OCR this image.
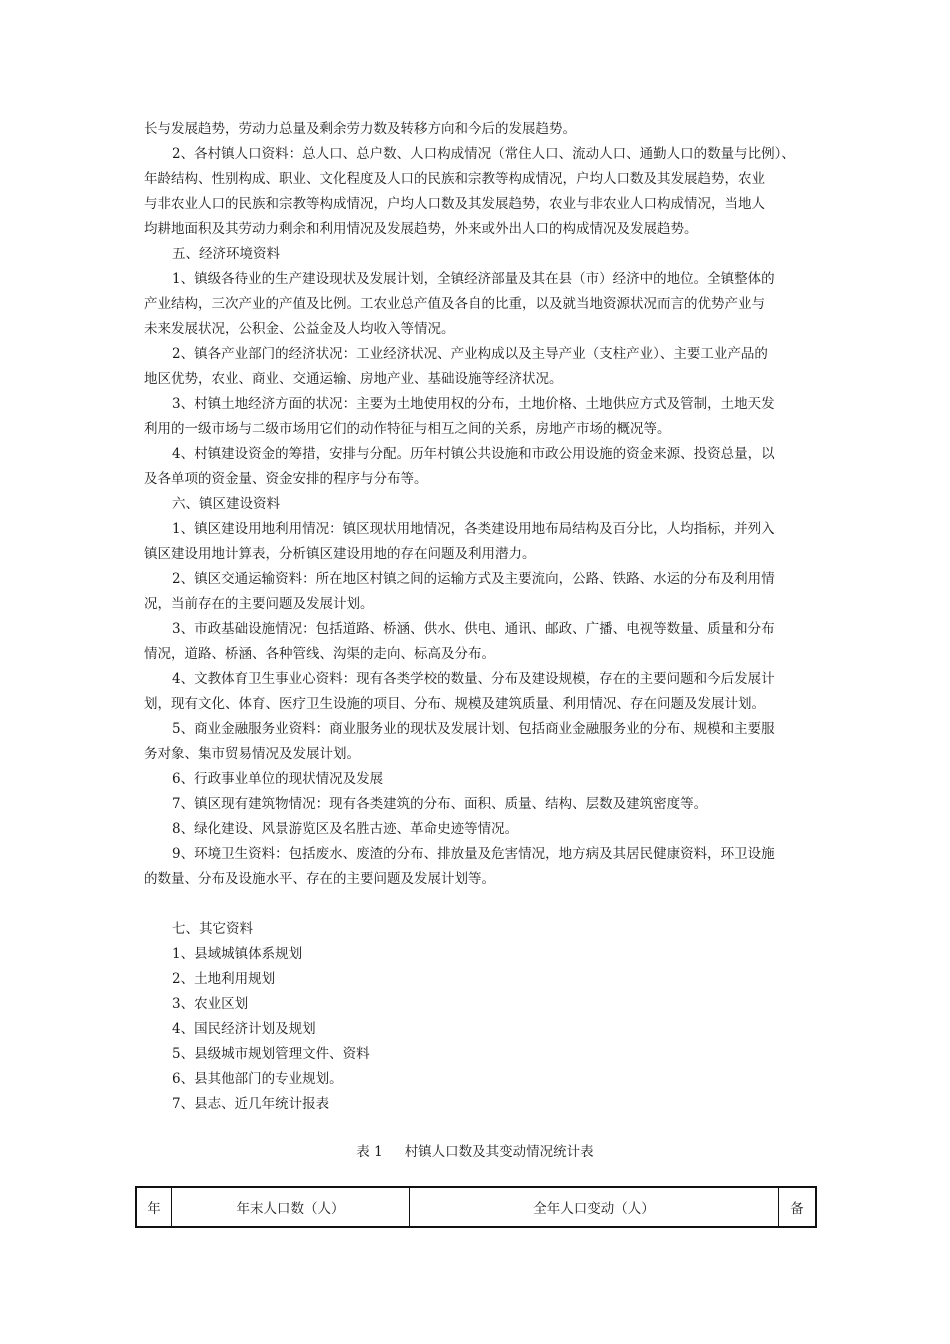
长与发展趋势，劳动力总量及剩余劳力数及转移方向和今后的发展趋势。
2、各村镇人口资料：总人口、总户数、人口构成情况（常住人口、流动人口、通勤人口的数量与比例）、
年龄结构、性别构成、职业、文化程度及人口的民族和宗教等构成情况，户均人口数及其发展趋势，农业
与非农业人口的民族和宗教等构成情况，户均人口数及其发展趋势，农业与非农业人口构成情况，当地人
均耕地面积及其劳动力剩余和利用情况及发展趋势，外来或外出人口的构成情况及发展趋势。
五、经济环境资料
1、镇级各待业的生产建设现状及发展计划，全镇经济部量及其在县（市）经济中的地位。全镇整体的
产业结构，三次产业的产值及比例。工农业总产值及各自的比重，以及就当地资源状况而言的优势产业与
未来发展状况，公积金、公益金及人均收入等情况。
2、镇各产业部门的经济状况：工业经济状况、产业构成以及主导产业（支柱产业）、主要工业产品的
地区优势，农业、商业、交通运输、房地产业、基础设施等经济状况。
3、村镇土地经济方面的状况：主要为土地使用权的分布，土地价格、土地供应方式及管制，土地天发
利用的一级市场与二级市场用它们的动作特征与相互之间的关系，房地产市场的概况等。
4、村镇建设资金的筹措，安排与分配。历年村镇公共设施和市政公用设施的资金来源、投资总量，以
及各单项的资金量、资金安排的程序与分布等。
六、镇区建设资料
1、镇区建设用地利用情况：镇区现状用地情况，各类建设用地布局结构及百分比，人均指标，并列入
镇区建设用地计算表，分析镇区建设用地的存在问题及利用潜力。
2、镇区交通运输资料：所在地区村镇之间的运输方式及主要流向，公路、铁路、水运的分布及利用情
况，当前存在的主要问题及发展计划。
3、市政基础设施情况：包括道路、桥涵、供水、供电、通讯、邮政、广播、电视等数量、质量和分布
情况，道路、桥涵、各种管线、沟渠的走向、标高及分布。
4、文教体育卫生事业心资料：现有各类学校的数量、分布及建设规模，存在的主要问题和今后发展计
划，现有文化、体育、医疗卫生设施的项目、分布、规模及建筑质量、利用情况、存在问题及发展计划。
5、商业金融服务业资料：商业服务业的现状及发展计划、包括商业金融服务业的分布、规模和主要服
务对象、集市贸易情况及发展计划。
6、行政事业单位的现状情况及发展
7、镇区现有建筑物情况：现有各类建筑的分布、面积、质量、结构、层数及建筑密度等。
8、绿化建设、风景游览区及名胜古迹、革命史迹等情况。
9、环境卫生资料：包括废水、废渣的分布、排放量及危害情况，地方病及其居民健康资料，环卫设施
的数量、分布及设施水平、存在的主要问题及发展计划等。
七、其它资料
1、县域城镇体系规划
2、土地利用规划
3、农业区划
4、国民经济计划及规划
5、县级城市规划管理文件、资料
6、县其他部门的专业规划。
7、县志、近几年统计报表
表 1 村镇人口数及其变动情况统计表
年	年末人口数（人）	全年人口变动（人）	备
